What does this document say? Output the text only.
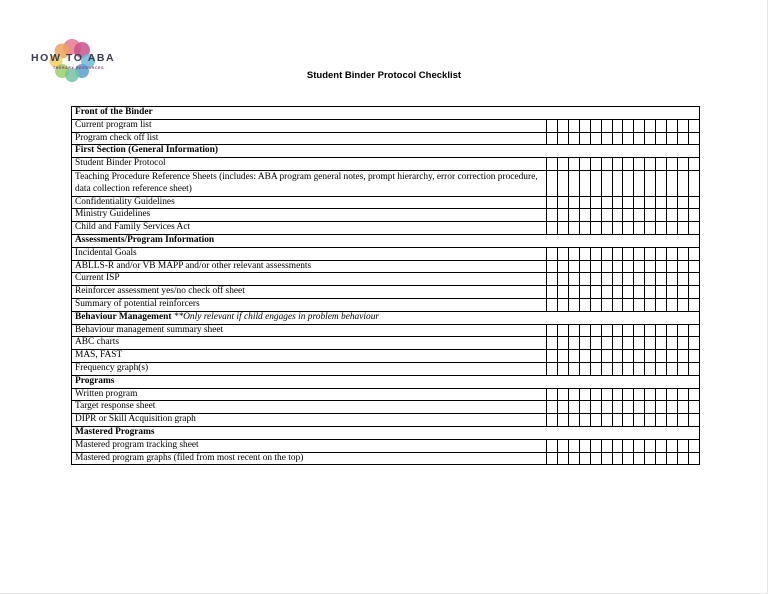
HOW TO ABA
THERAPY RESOURCES
Student Binder Protocol Checklist
Front of the Binder														
Current program list														
Program check off list														
First Section (General Information)														
Student Binder Protocol														
Teaching Procedure Reference Sheets (includes: ABA program general notes, prompt hierarchy, error correction procedure, data collection reference sheet)														
Confidentiality Guidelines														
Ministry Guidelines														
Child and Family Services Act														
Assessments/Program Information														
Incidental Goals														
ABLLS-R and/or VB MAPP and/or other relevant assessments														
Current ISP														
Reinforcer assessment yes/no check off sheet														
Summary of potential reinforcers														
Behaviour Management **Only relevant if child engages in problem behaviour														
Behaviour management summary sheet														
ABC charts														
MAS, FAST														
Frequency graph(s)														
Programs														
Written program														
Target response sheet														
DIPR or Skill Acquisition graph														
Mastered Programs														
Mastered program tracking sheet														
Mastered program graphs (filed from most recent on the top)														
